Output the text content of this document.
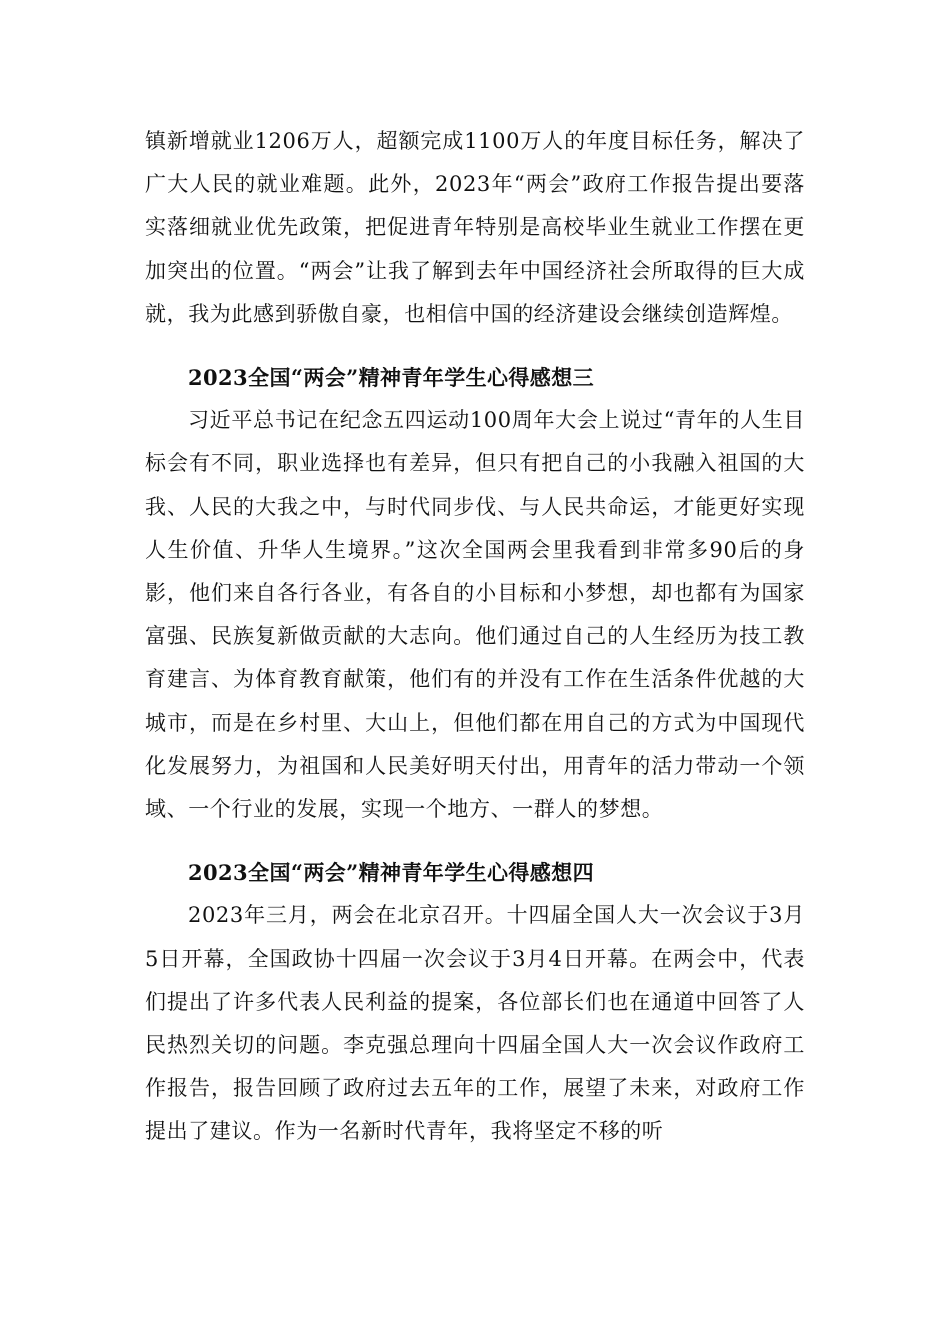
镇新增就业1206万人，超额完成1100万人的年度目标任务，解决了广大人民的就业难题。此外，2023年“两会”政府工作报告提出要落实落细就业优先政策，把促进青年特别是高校毕业生就业工作摆在更加突出的位置。“两会”让我了解到去年中国经济社会所取得的巨大成就，我为此感到骄傲自豪，也相信中国的经济建设会继续创造辉煌。

2023全国“两会”精神青年学生心得感想三

习近平总书记在纪念五四运动100周年大会上说过“青年的人生目标会有不同，职业选择也有差异，但只有把自己的小我融入祖国的大我、人民的大我之中，与时代同步伐、与人民共命运，才能更好实现人生价值、升华人生境界。”这次全国两会里我看到非常多90后的身影，他们来自各行各业，有各自的小目标和小梦想，却也都有为国家富强、民族复新做贡献的大志向。他们通过自己的人生经历为技工教育建言、为体育教育献策，他们有的并没有工作在生活条件优越的大城市，而是在乡村里、大山上，但他们都在用自己的方式为中国现代化发展努力，为祖国和人民美好明天付出，用青年的活力带动一个领域、一个行业的发展，实现一个地方、一群人的梦想。

2023全国“两会”精神青年学生心得感想四

2023年三月，两会在北京召开。十四届全国人大一次会议于3月5日开幕，全国政协十四届一次会议于3月4日开幕。在两会中，代表们提出了许多代表人民利益的提案，各位部长们也在通道中回答了人民热烈关切的问题。李克强总理向十四届全国人大一次会议作政府工作报告，报告回顾了政府过去五年的工作，展望了未来，对政府工作提出了建议。作为一名新时代青年，我将坚定不移的听
